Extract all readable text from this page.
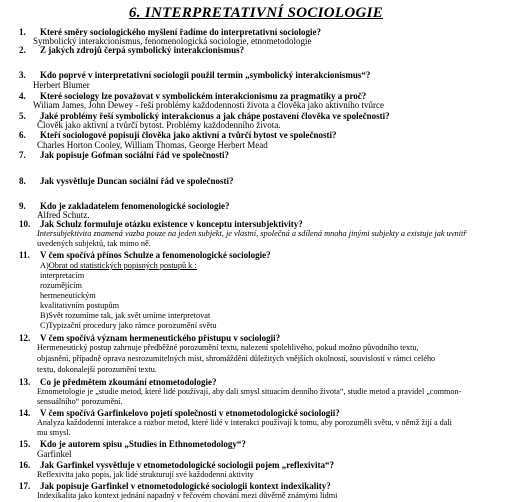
6. INTERPRETATIVNÍ SOCIOLOGIE
1. Které směry sociologického myšlení řadíme do interpretativní sociologie?
Symbolický interakcionismus, fenomenologická sociologie, etnometodologie
2. Z jakých zdrojů čerpá symbolický interakcionismus?
3. Kdo poprvé v interpretativní sociologii použil termín „symbolický interakcionismus“?
Herbert Blumer
4. Které sociology lze považovat v symbolickém interakcionismu za pragmatiky a proč?
Wiliam James, John Dewey - řeší problémy každodenností života a člověka jako aktivního tvůrce
5. Jaké problémy řeší symbolický interakcionus a jak chápe postavení člověka ve společnosti?
Člověk jako aktivní a tvůrčí bytost. Problémy každodenního života.
6. Kteří sociologové popisují člověka jako aktivní a tvůrčí bytost ve společnosti?
Charles Horton Cooley, William Thomas, George Herbert Mead
7. Jak popisuje Gofman sociální řád ve společnosti?
8. Jak vysvětluje Duncan sociální řád ve společnosti?
9. Kdo je zakladatelem fenomenologické sociologie?
Alfred Schutz.
10. Jak Schulz formuluje otázku existence v konceptu intersubjektivity?
Intersubjektivita znamená vazba pouze na jeden subjekt, je vlastní, společná a sdílená mnoha jinými subjekty a existuje jak uvnitř
uvedených subjektů, tak mimo ně.
11. V čem spočívá přínos Schulze a fenomenologické sociologie?
A)Obrat od statistických popisných postupů k :
interpretacím
rozumějícím
hermeneutickým
kvalitativním postupům
B)Svět rozumíme tak, jak svět umíme interpretovat
C)Typizační procedury jako rámce porozumění světu
12. V čem spočívá význam hermeneutického přístupu v sociologii?
Hermeneutický postup zahrnuje předběžné porozumění textu, nalezení spolehlivého, pokud možno původního textu,
objasnění, případně oprava nesrozumitelných míst, shromáždění důležitých vnějších okolností, souvislostí v rámci celého
textu, dokonalejší porozumění textu.
13. Co je předmětem zkoumání etnometodologie?
Etnometologie je „studie metod, které lidé používají, aby dali smysl situacím denního života“, studie metod a pravidel „common-
sensuálního“ porozumění.
14. V čem spočívá Garfinkelovo pojetí společnosti v etnometodologické sociologii?
Analyza každodenní interakce a rozbor metod, které lidé v interakci používají k tomu, aby porozuměli světu, v němž žijí a dali
mu smysl.
15. Kdo je autorem spisu „Studies in Ethnometodology“?
Garfinkel
16. Jak Garfinkel vysvětluje v etnometodologické sociologii pojem „reflexivita“?
Reflexivita jako popis, jak lidé strukturují své každodenní aktivity
17. Jak popisuje Garfinkel v etnometodologické sociologii kontext indexikality?
Indexikalita jako kontext jednání napadný v řečovém chování mezi důvěrně známými lidmi
